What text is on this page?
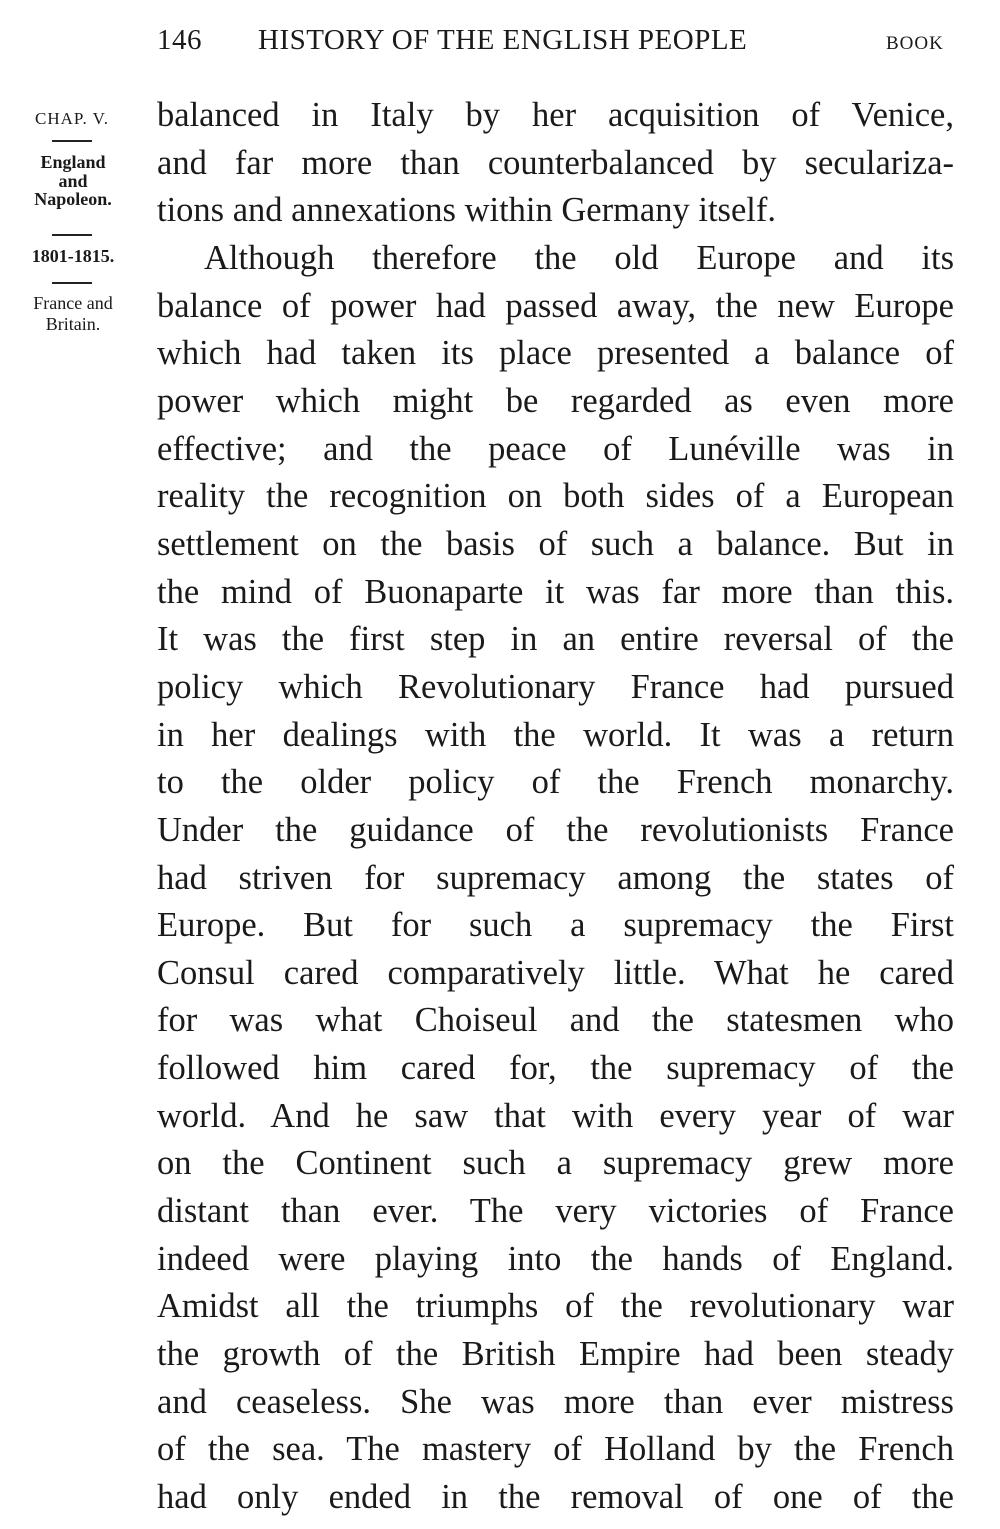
146 HISTORY OF THE ENGLISH PEOPLE	BOOK
CHAP. V.
England
and
Napoleon.
1801-1815.
France and
Britain.
balanced in Italy by her acquisition of Venice,
and far more than counterbalanced by seculariza-
tions and annexations within Germany itself.
Although therefore the old Europe and its
balance of power had passed away, the new Europe
which had taken its place presented a balance of
power which might be regarded as even more
effective; and the peace of Lunéville was in
reality the recognition on both sides of a European
settlement on the basis of such a balance. But in
the mind of Buonaparte it was far more than this.
It was the first step in an entire reversal of the
policy which Revolutionary France had pursued
in her dealings with the world. It was a return
to the older policy of the French monarchy.
Under the guidance of the revolutionists France
had striven for supremacy among the states of
Europe. But for such a supremacy the First
Consul cared comparatively little. What he cared
for was what Choiseul and the statesmen who
followed him cared for, the supremacy of the
world. And he saw that with every year of war
on the Continent such a supremacy grew more
distant than ever. The very victories of France
indeed were playing into the hands of England.
Amidst all the triumphs of the revolutionary war
the growth of the British Empire had been steady
and ceaseless. She was more than ever mistress
of the sea. The mastery of Holland by the French
had only ended in the removal of one of the
